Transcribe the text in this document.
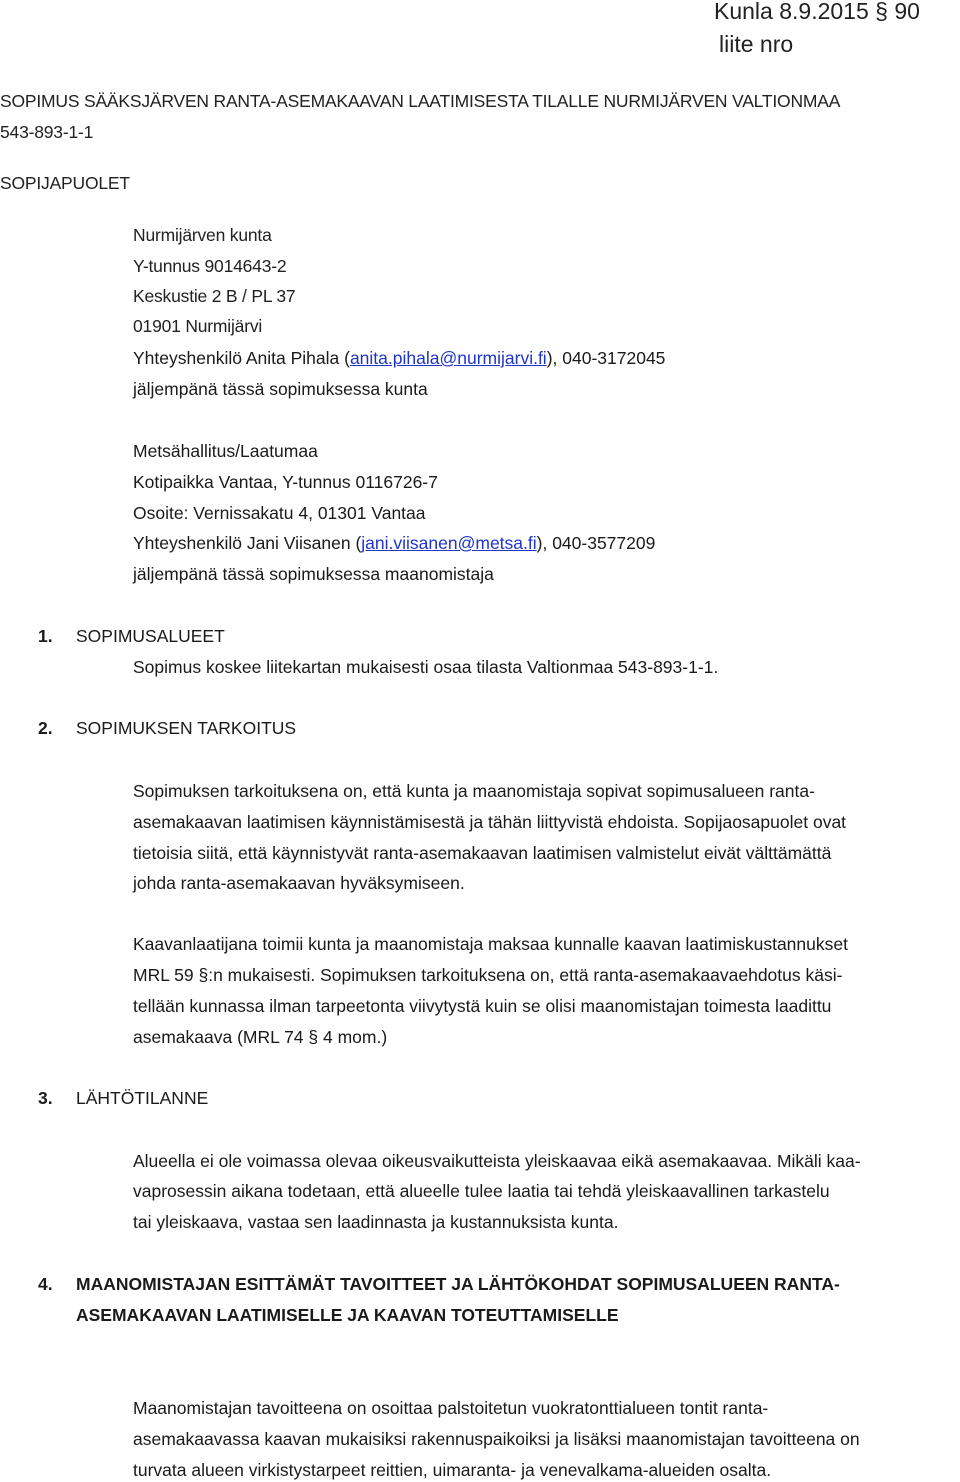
Kunla 8.9.2015 § 90
liite nro
SOPIMUS SÄÄKSJÄRVEN RANTA-ASEMAKAAVAN LAATIMISESTA TILALLE NURMIJÄRVEN VALTIONMAA
543-893-1-1
SOPIJAPUOLET
Nurmijärven kunta
Y-tunnus 9014643-2
Keskustie 2 B / PL 37
01901 Nurmijärvi
Yhteyshenkilö Anita Pihala (anita.pihala@nurmijarvi.fi), 040-3172045
jäljempänä tässä sopimuksessa kunta
Metsähallitus/Laatumaa
Kotipaikka Vantaa, Y-tunnus 0116726-7
Osoite: Vernissakatu 4, 01301 Vantaa
Yhteyshenkilö Jani Viisanen (jani.viisanen@metsa.fi), 040-3577209
jäljempänä tässä sopimuksessa maanomistaja
1. SOPIMUSALUEET
Sopimus koskee liitekartan mukaisesti osaa tilasta Valtionmaa 543-893-1-1.
2. SOPIMUKSEN TARKOITUS
Sopimuksen tarkoituksena on, että kunta ja maanomistaja sopivat sopimusalueen ranta-
asemakaavan laatimisen käynnistämisestä ja tähän liittyvistä ehdoista. Sopijaosapuolet ovat
tietoisia siitä, että käynnistyvät ranta-asemakaavan laatimisen valmistelut eivät välttämättä
johda ranta-asemakaavan hyväksymiseen.
Kaavanlaatijana toimii kunta ja maanomistaja maksaa kunnalle kaavan laatimiskustannukset
MRL 59 §:n mukaisesti. Sopimuksen tarkoituksena on, että ranta-asemakaavaehdotus käsi-
tellään kunnassa ilman tarpeetonta viivytystä kuin se olisi maanomistajan toimesta laadittu
asemakaava (MRL 74 § 4 mom.)
3. LÄHTÖTILANNE
Alueella ei ole voimassa olevaa oikeusvaikutteista yleiskaavaa eikä asemakaavaa. Mikäli kaa-
vaprosessin aikana todetaan, että alueelle tulee laatia tai tehdä yleiskaavallinen tarkastelu
tai yleiskaava, vastaa sen laadinnasta ja kustannuksista kunta.
4. MAANOMISTAJAN ESITTÄMÄT TAVOITTEET JA LÄHTÖKOHDAT SOPIMUSALUEEN RANTA-
ASEMAKAAVAN LAATIMISELLE JA KAAVAN TOTEUTTAMISELLE
Maanomistajan tavoitteena on osoittaa palstoitetun vuokratonttialueen tontit ranta-
asemakaavassa kaavan mukaisiksi rakennuspaikoiksi ja lisäksi maanomistajan tavoitteena on
turvata alueen virkistystarpeet reittien, uimaranta- ja venevalkama-alueiden osalta.
